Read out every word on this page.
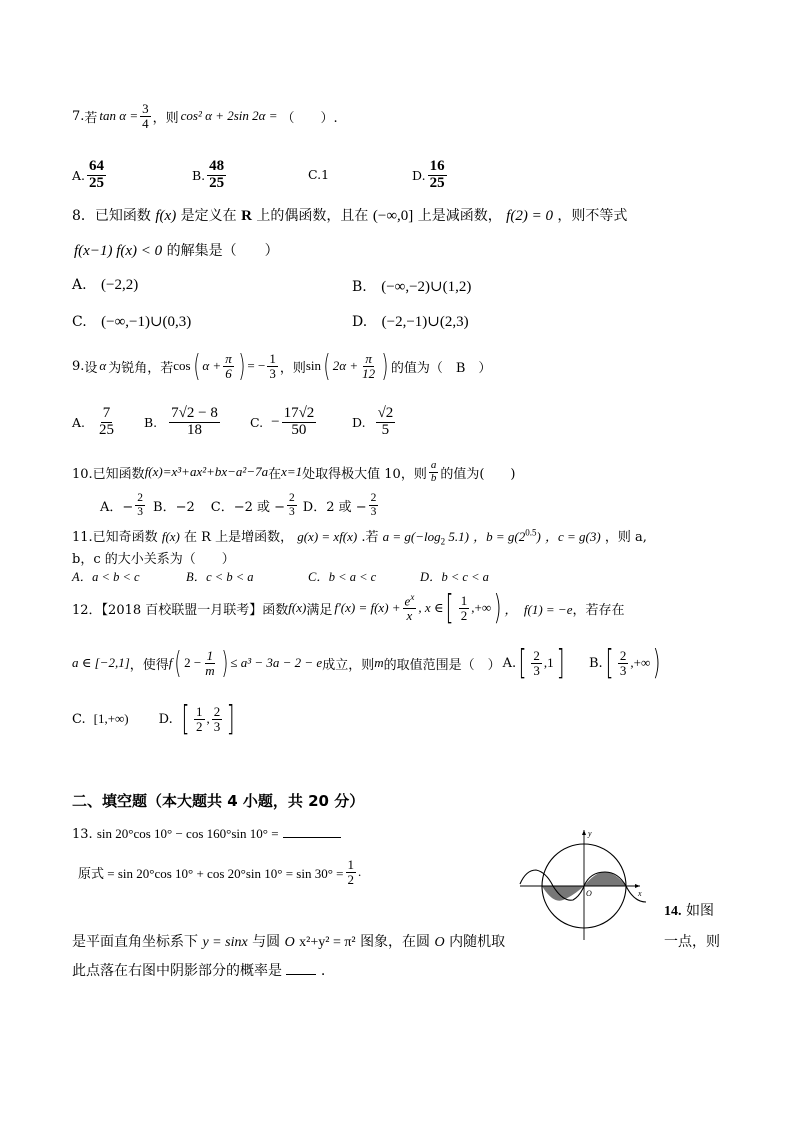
7. 若 $\tan \alpha = \frac{3}{4}$ ，则 cos² α + 2sin 2α = （　　）.
A. $\frac{64}{25}$	B. $\frac{48}{25}$	C.1	D. $\frac{16}{25}$
8．已知函数 f(x) 是定义在 R 上的偶函数，且在 (−∞,0] 上是减函数， f(2) = 0 ，则不等式
f(x−1) f(x) < 0 的解集是（　　）
A. (−2,2)	B. (−∞,−2)∪(1,2)
C. (−∞,−1)∪(0,3)	D. (−2,−1)∪(2,3)
9. 设 α 为锐角，若 cos ( $\alpha + \frac{\pi}{6}$ ) = − $\frac{1}{3}$ ，则 sin ( $2\alpha + \frac{\pi}{12}$ ) 的值为（　B　）
A. $\frac{7}{25} B$. $\frac{7√2 - 8}{18} C$. − $\frac{17√2}{50}$	D. $\frac{√2}{5}$
10.已知函数 f(x)=x³+ax²+bx−a²−7a 在 x=1 处取得极大值 10，则 $\frac{a}{b}$ 的值为(　　)
A．− $\frac{2}{3}$ B．−2 C．−2 或 − $\frac{2}{3}$ D．2 或 − $\frac{2}{3}$
11.已知奇函数 f(x) 在 R 上是增函数， g(x) = xf(x) .若 $a = g(-\log_2$ 5.1) ，$b = g(2^{0.5})$ ，c = g(3) ，则 a,
b，c 的大小关系为（　　）
A．a < b < c	B．c < b < a	C．b < a < c	D．b < c < a
12．【2018 百校联盟一月联考】函数 f(x) 满足 $f'(x) = f(x) + \frac{e^x}{x}$ , x ∈ [ $\frac{1}{2}$ ,+∞ ) ，　f(1) = −e ，若存在
a ∈ [−2,1] ，使得 f ( $2 - \frac{1}{m}$ ) ≤ a³ − 3a − 2 − e 成立，则 m 的取值范围是（　） A. [ $\frac{2}{3} ,1$ ] B. [ $\frac{2}{3}$ ,+∞ )
C. [1,+∞) D. [ $\frac{1}{2}$ , $\frac{2}{3}$ ]
二、填空题（本大题共 4 小题，共 20 分）
13. sin 20°cos 10° − cos 160°sin 10° =
原式 = sin 20°cos 10° + cos 20°sin $10^\circ = \sin 30^\circ = \frac{1}{2}$ .
y
x
O
14. 如图
是平面直角坐标系下 y = sinx 与圆 O x²+y² = π² 图象，在圆 O 内随机取	一点，则
此点落在右图中阴影部分的概率是	.
